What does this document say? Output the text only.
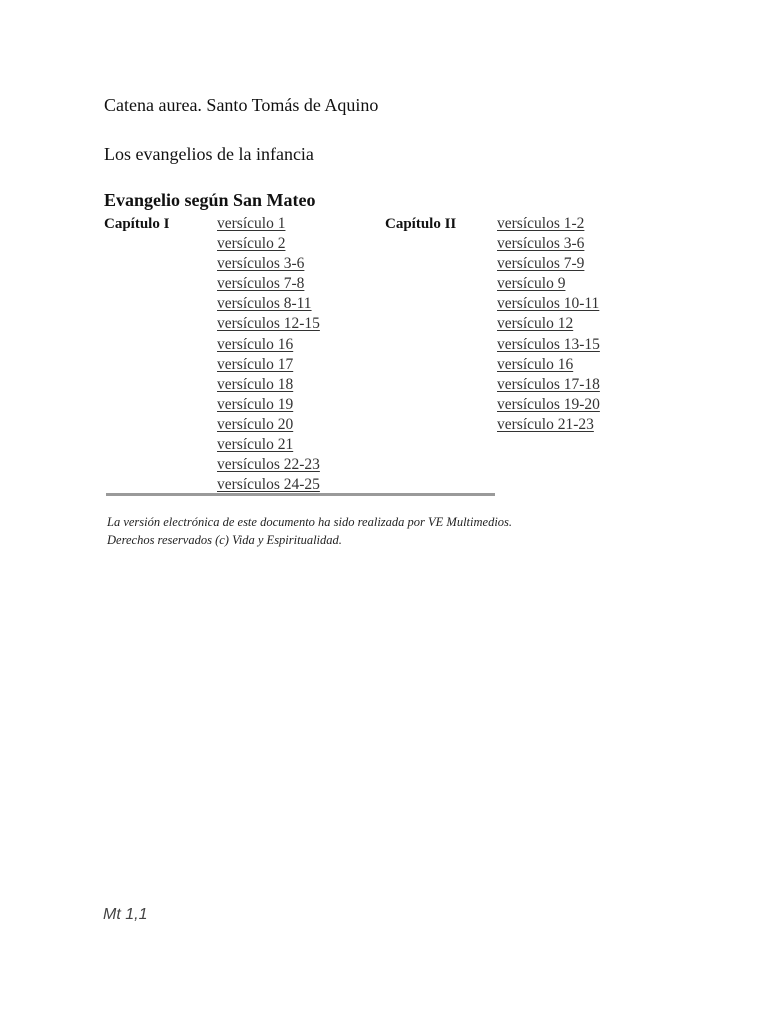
Catena aurea. Santo Tomás de Aquino
Los evangelios de la infancia
Evangelio según San Mateo
Capítulo I	versículo 1
versículo 2
versículos 3-6
versículos 7-8
versículos 8-11
versículos 12-15
versículo 16
versículo 17
versículo 18
versículo 19
versículo 20
versículo 21
versículos 22-23
versículos 24-25
Capítulo II	versículos 1-2
versículos 3-6
versículos 7-9
versículo 9
versículos 10-11
versículo 12
versículos 13-15
versículo 16
versículos 17-18
versículos 19-20
versículo 21-23
La versión electrónica de este documento ha sido realizada por VE Multimedios.
Derechos reservados (c) Vida y Espiritualidad.
Mt 1,1
